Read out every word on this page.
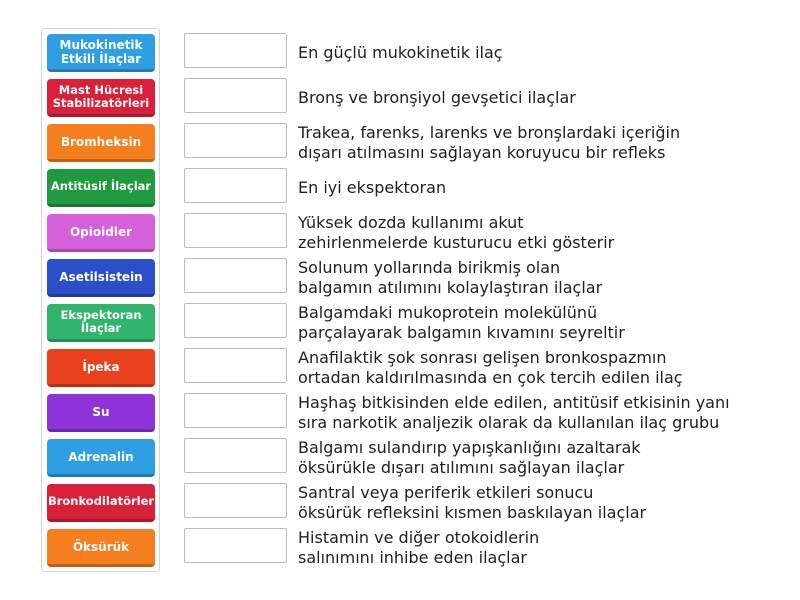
Mukokinetik
Etkili İlaçlar
Mast Hücresi
Stabilizatörleri
Bromheksin
Antitüsif İlaçlar
Opioidler
Asetilsistein
Ekspektoran
İlaçlar
İpeka
Su
Adrenalin
Bronkodilatörler
Öksürük
En güçlü mukokinetik ilaç
Bronş ve bronşiyol gevşetici ilaçlar
Trakea, farenks, larenks ve bronşlardaki içeriğin
dışarı atılmasını sağlayan koruyucu bir refleks
En iyi ekspektoran
Yüksek dozda kullanımı akut
zehirlenmelerde kusturucu etki gösterir
Solunum yollarında birikmiş olan
balgamın atılımını kolaylaştıran ilaçlar
Balgamdaki mukoprotein molekülünü
parçalayarak balgamın kıvamını seyreltir
Anafilaktik şok sonrası gelişen bronkospazmın
ortadan kaldırılmasında en çok tercih edilen ilaç
Haşhaş bitkisinden elde edilen, antitüsif etkisinin yanı
sıra narkotik analjezik olarak da kullanılan ilaç grubu
Balgamı sulandırıp yapışkanlığını azaltarak
öksürükle dışarı atılımını sağlayan ilaçlar
Santral veya periferik etkileri sonucu
öksürük refleksini kısmen baskılayan ilaçlar
Histamin ve diğer otokoidlerin
salınımını inhibe eden ilaçlar
